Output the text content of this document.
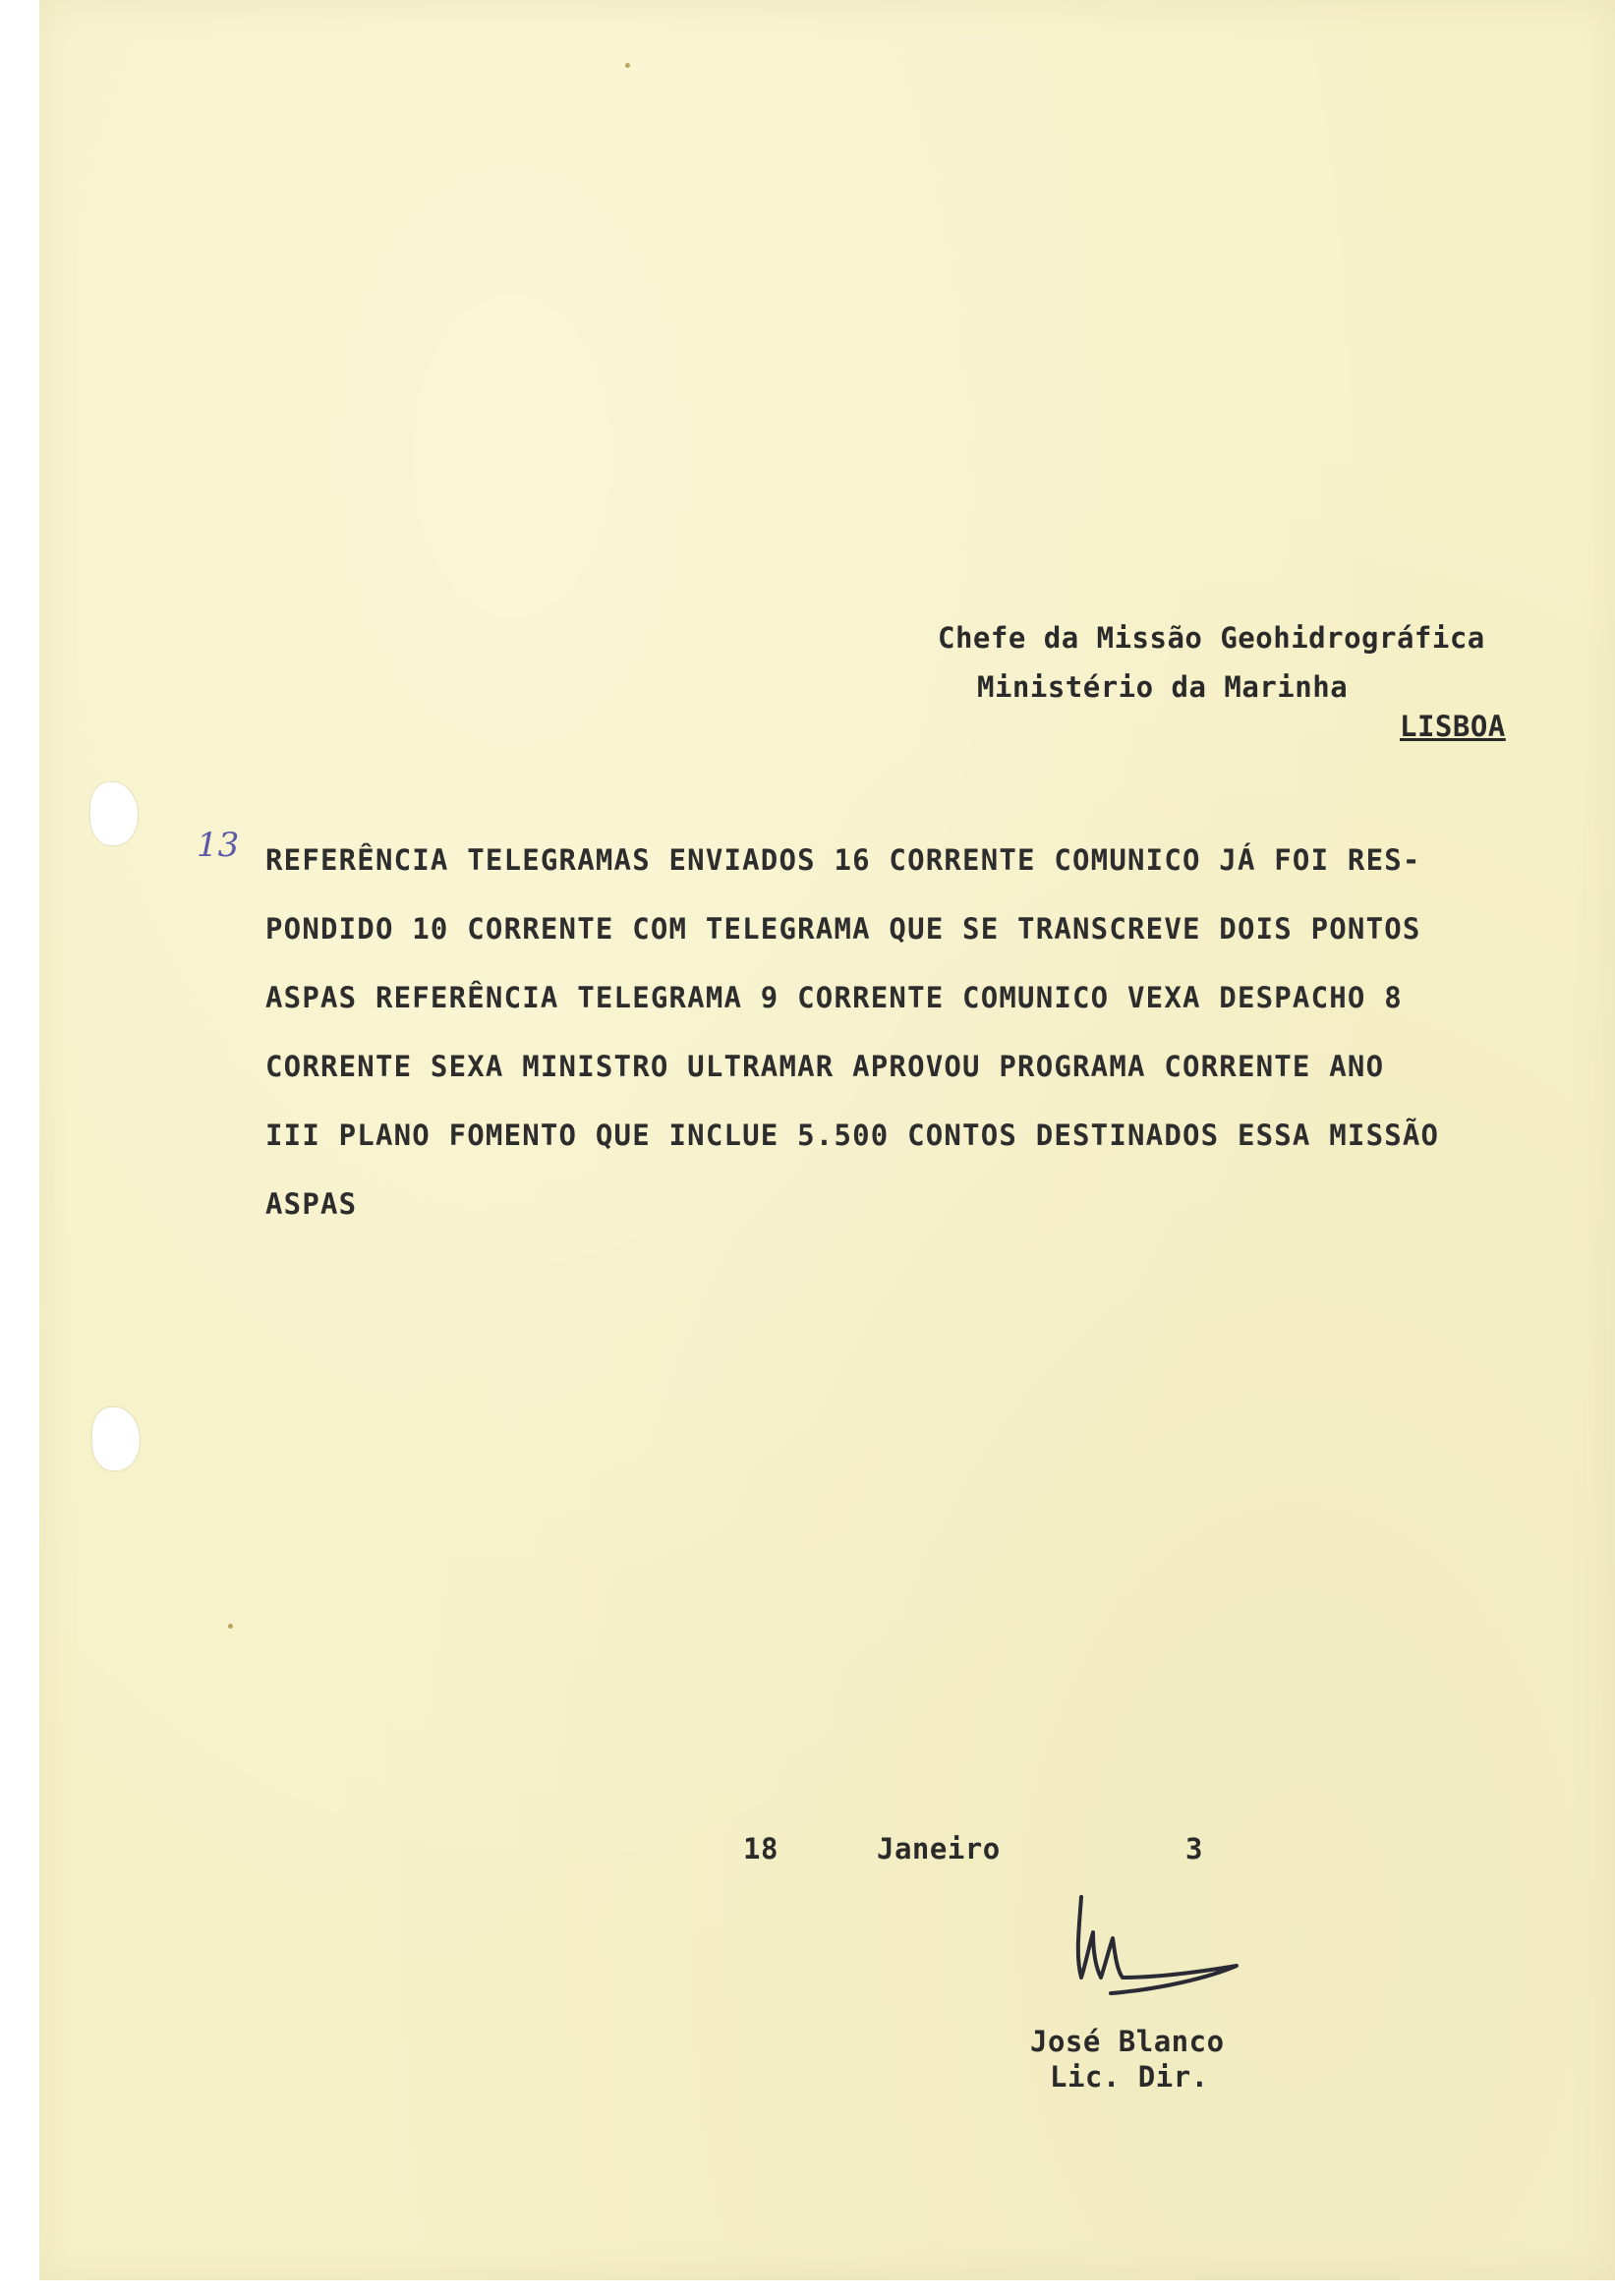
Chefe da Missão Geohidrográfica
Ministério da Marinha
LISBOA
13 REFERÊNCIA TELEGRAMAS ENVIADOS 16 CORRENTE COMUNICO JÁ FOI RES-
PONDIDO 10 CORRENTE COM TELEGRAMA QUE SE TRANSCREVE DOIS PONTOS
ASPAS REFERÊNCIA TELEGRAMA 9 CORRENTE COMUNICO VEXA DESPACHO 8
CORRENTE SEXA MINISTRO ULTRAMAR APROVOU PROGRAMA CORRENTE ANO
III PLANO FOMENTO QUE INCLUE 5.500 CONTOS DESTINADOS ESSA MISSÃO
ASPAS
18	Janeiro	3
José Blanco
Lic. Dir.
